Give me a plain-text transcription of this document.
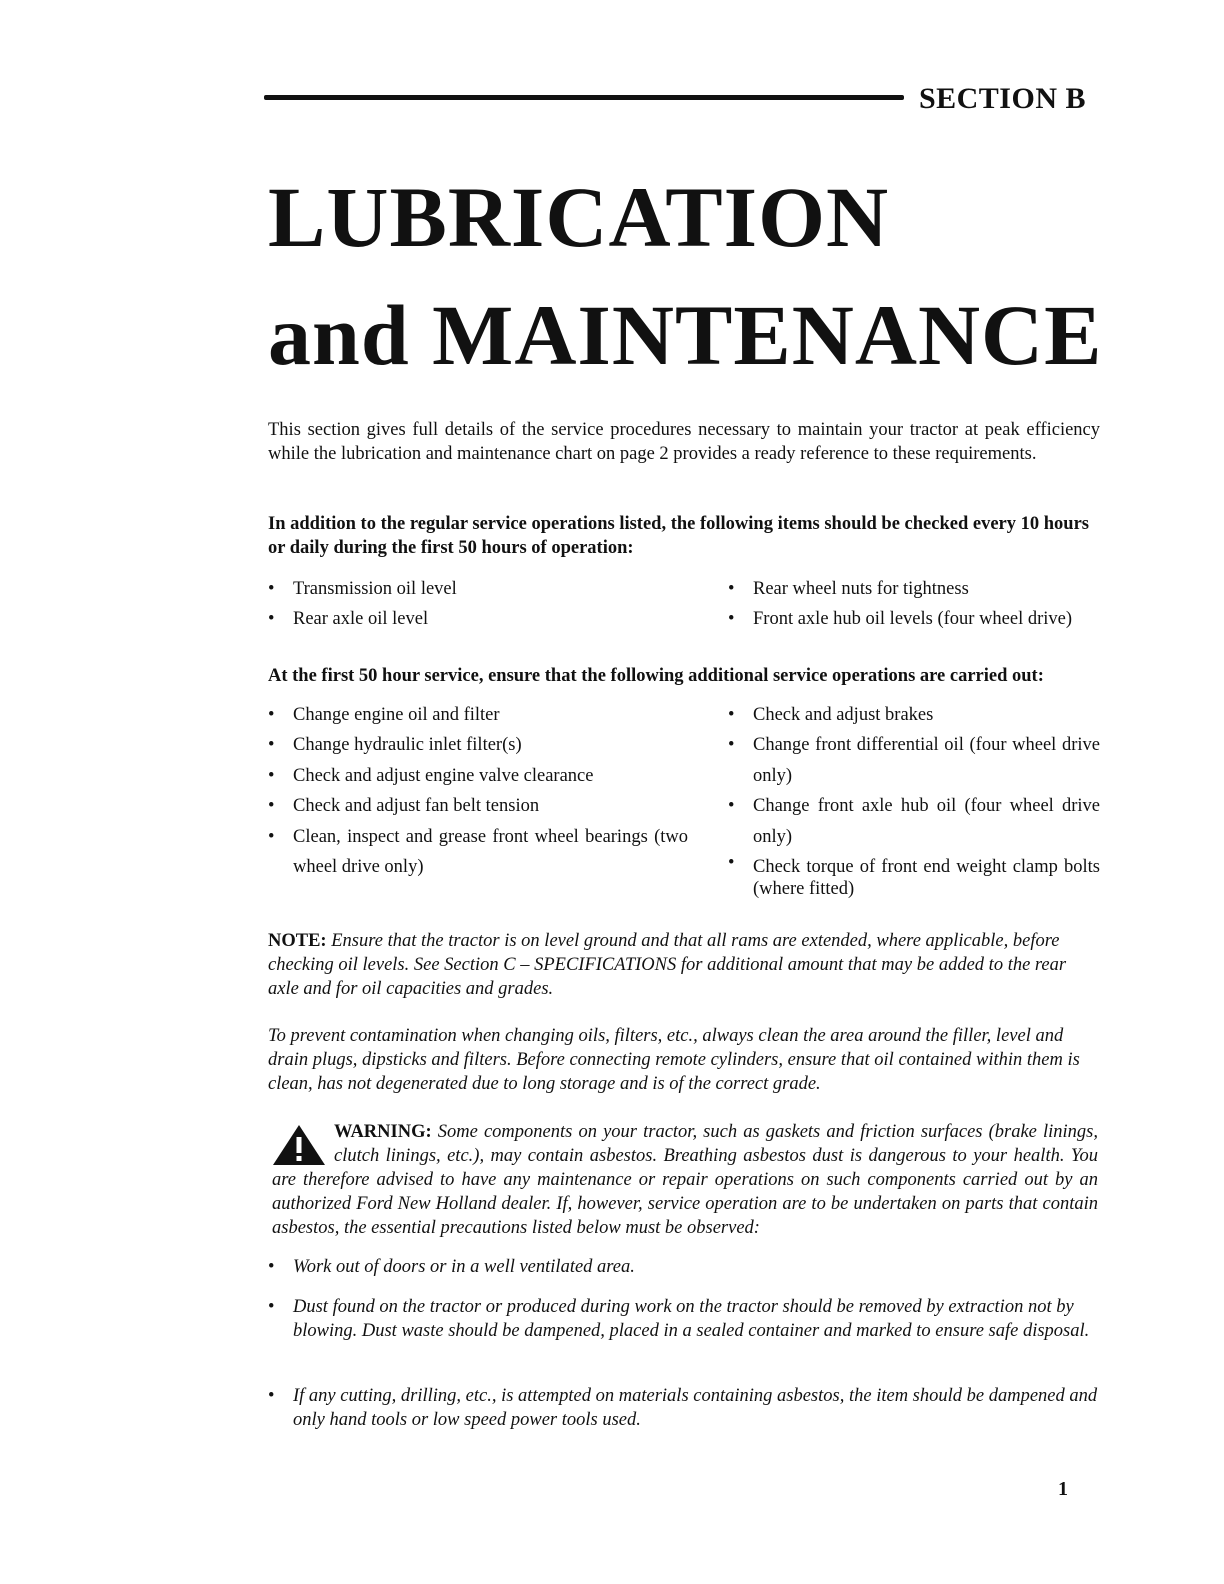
SECTION B
LUBRICATION
and MAINTENANCE

This section gives full details of the service procedures necessary to maintain your tractor at peak efficiency while the lubrication and maintenance chart on page 2 provides a ready reference to these requirements.

In addition to the regular service operations listed, the following items should be checked every 10 hours or daily during the first 50 hours of operation:

• Transmission oil level
• Rear axle oil level
• Rear wheel nuts for tightness
• Front axle hub oil levels (four wheel drive)

At the first 50 hour service, ensure that the following additional service operations are carried out:

• Change engine oil and filter
• Change hydraulic inlet filter(s)
• Check and adjust engine valve clearance
• Check and adjust fan belt tension
• Clean, inspect and grease front wheel bearings (two wheel drive only)
• Check and adjust brakes
• Change front differential oil (four wheel drive only)
• Change front axle hub oil (four wheel drive only)
• Check torque of front end weight clamp bolts (where fitted)

NOTE: Ensure that the tractor is on level ground and that all rams are extended, where applicable, before checking oil levels. See Section C – SPECIFICATIONS for additional amount that may be added to the rear axle and for oil capacities and grades.

To prevent contamination when changing oils, filters, etc., always clean the area around the filler, level and drain plugs, dipsticks and filters. Before connecting remote cylinders, ensure that oil contained within them is clean, has not degenerated due to long storage and is of the correct grade.

WARNING: Some components on your tractor, such as gaskets and friction surfaces (brake linings, clutch linings, etc.), may contain asbestos. Breathing asbestos dust is dangerous to your health. You are therefore advised to have any maintenance or repair operations on such components carried out by an authorized Ford New Holland dealer. If, however, service operation are to be undertaken on parts that contain asbestos, the essential precautions listed below must be observed:

• Work out of doors or in a well ventilated area.

• Dust found on the tractor or produced during work on the tractor should be removed by extraction not by blowing. Dust waste should be dampened, placed in a sealed container and marked to ensure safe disposal.

• If any cutting, drilling, etc., is attempted on materials containing asbestos, the item should be dampened and only hand tools or low speed power tools used.

1
